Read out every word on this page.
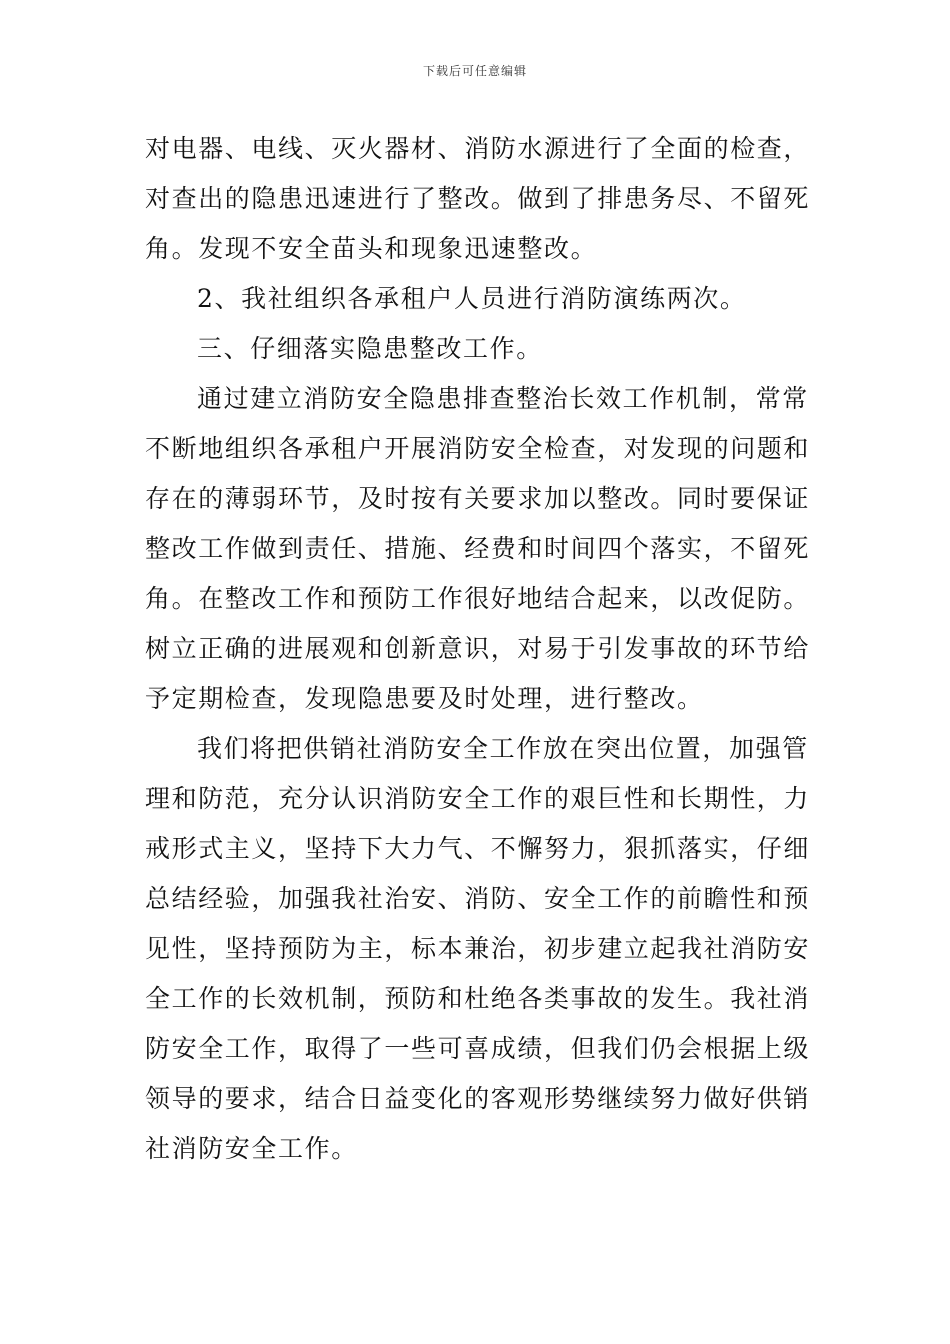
下载后可任意编辑
对电器、电线、灭火器材、消防水源进行了全面的检查，
对查出的隐患迅速进行了整改。做到了排患务尽、不留死
角。发现不安全苗头和现象迅速整改。
2、我社组织各承租户人员进行消防演练两次。
三、仔细落实隐患整改工作。
通过建立消防安全隐患排查整治长效工作机制，常常
不断地组织各承租户开展消防安全检查，对发现的问题和
存在的薄弱环节，及时按有关要求加以整改。同时要保证
整改工作做到责任、措施、经费和时间四个落实，不留死
角。在整改工作和预防工作很好地结合起来，以改促防。
树立正确的进展观和创新意识，对易于引发事故的环节给
予定期检查，发现隐患要及时处理，进行整改。
我们将把供销社消防安全工作放在突出位置，加强管
理和防范，充分认识消防安全工作的艰巨性和长期性，力
戒形式主义，坚持下大力气、不懈努力，狠抓落实，仔细
总结经验，加强我社治安、消防、安全工作的前瞻性和预
见性，坚持预防为主，标本兼治，初步建立起我社消防安
全工作的长效机制，预防和杜绝各类事故的发生。我社消
防安全工作，取得了一些可喜成绩，但我们仍会根据上级
领导的要求，结合日益变化的客观形势继续努力做好供销
社消防安全工作。
